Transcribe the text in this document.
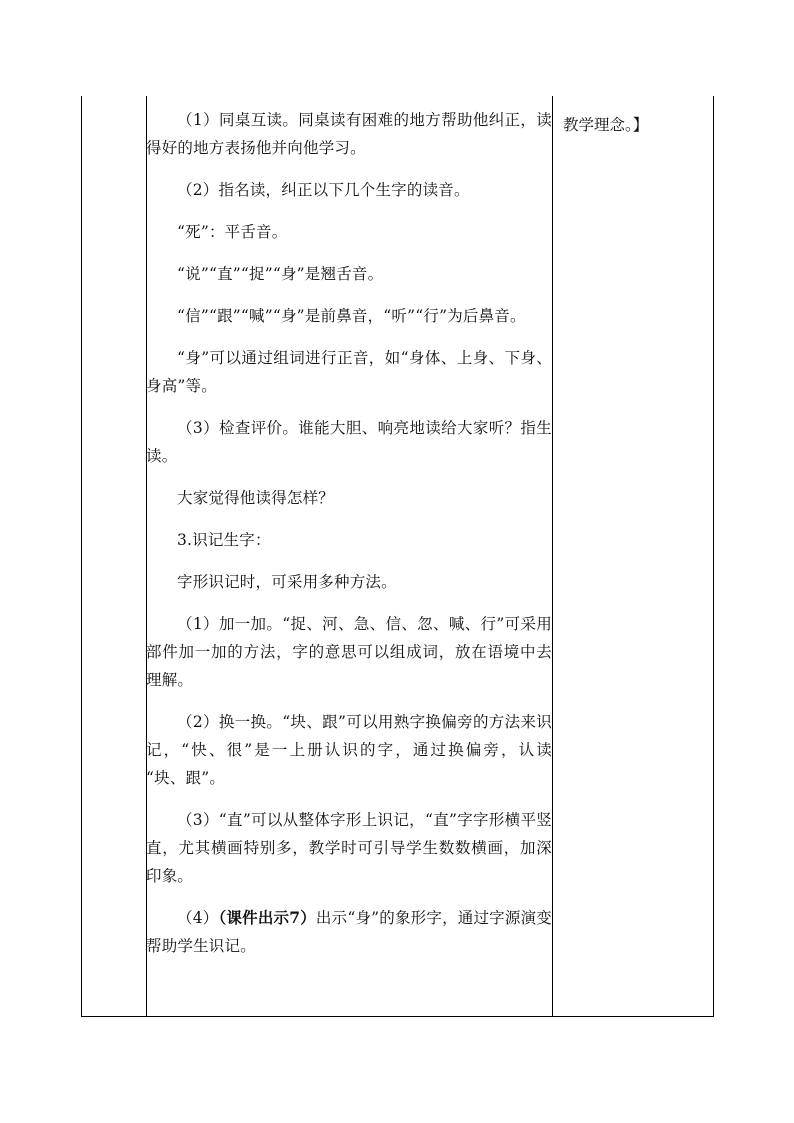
（1）同桌互读。同桌读有困难的地方帮助他纠正，读得好的地方表扬他并向他学习。

（2）指名读，纠正以下几个生字的读音。

“死”：平舌音。

“说”“直”“捉”“身”是翘舌音。

“信”“跟”“喊”“身”是前鼻音，“听”“行”为后鼻音。

“身”可以通过组词进行正音，如“身体、上身、下身、身高”等。

（3）检查评价。谁能大胆、响亮地读给大家听？指生读。

大家觉得他读得怎样？

3.识记生字：

字形识记时，可采用多种方法。

（1）加一加。“捉、河、急、信、忽、喊、行”可采用部件加一加的方法，字的意思可以组成词，放在语境中去理解。

（2）换一换。“块、跟”可以用熟字换偏旁的方法来识记，“快、很”是一上册认识的字，通过换偏旁，认读 “块、跟”。

（3）“直”可以从整体字形上识记，“直”字字形横平竖直，尤其横画特别多，教学时可引导学生数数横画，加深印象。

（4）（课件出示7）出示“身”的象形字，通过字源演变帮助学生识记。

教学理念。】
